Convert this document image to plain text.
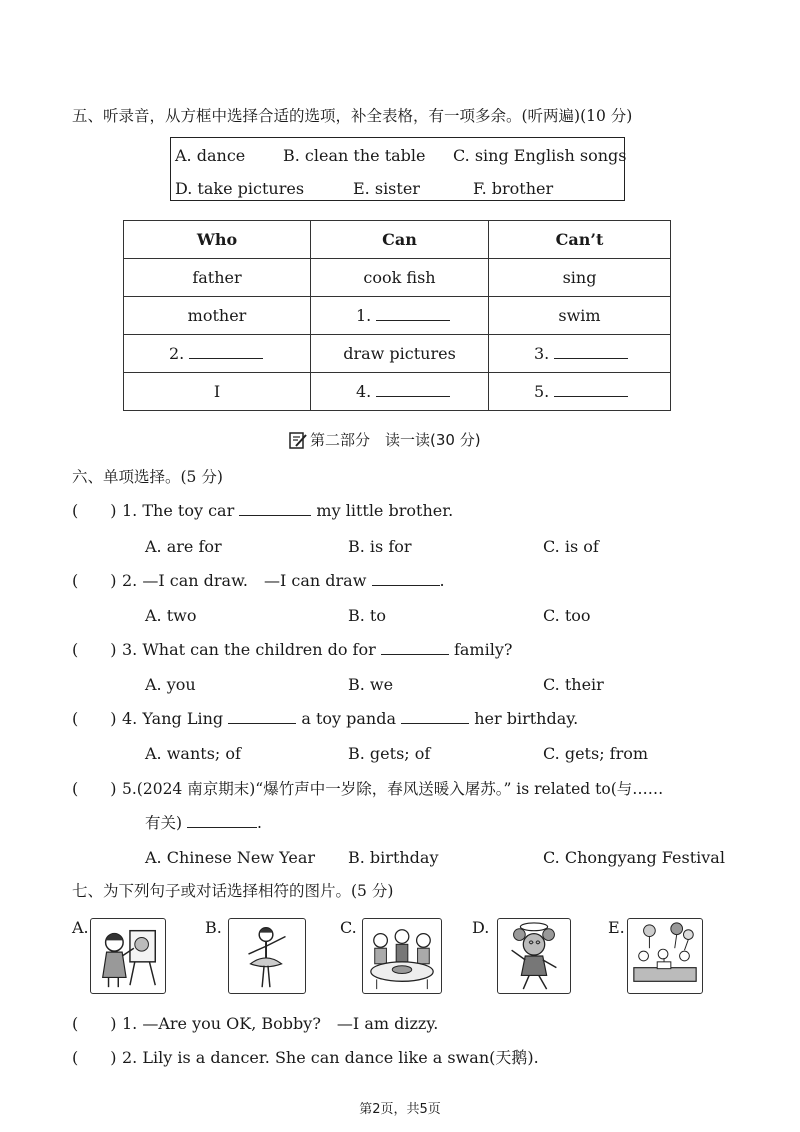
五、听录音，从方框中选择合适的选项，补全表格，有一项多余。(听两遍)(10 分)
A. dance B. clean the table C. sing English songs
D. take pictures	E. sister	F. brother
Who	Can	Can’t
father	cook fish	sing
mother	1.	swim
2.	draw pictures	3.
I	4.	5.
第二部分　读一读(30 分)
六、单项选择。(5 分)
(　　) 1. The toy car	my little brother.
A. are for	B. is for	C. is of
(　　) 2. —I can draw.　—I can draw	.
A. two	B. to	C. too
(　　) 3. What can the children do for	family?
A. you	B. we	C. their
(　　) 4. Yang Ling	a toy panda	her birthday.
A. wants; of	B. gets; of	C. gets; from
(　　) 5.(2024 南京期末)“爆竹声中一岁除，春风送暖入屠苏。” is related to(与……
有关)	.
A. Chinese New Year B. birthday	C. Chongyang Festival
七、为下列句子或对话选择相符的图片。(5 分)
A.	B.	C.	D.	E.
(　　) 1. —Are you OK, Bobby?　—I am dizzy.
(　　) 2. Lily is a dancer. She can dance like a swan(天鹅).
第2页，共5页
